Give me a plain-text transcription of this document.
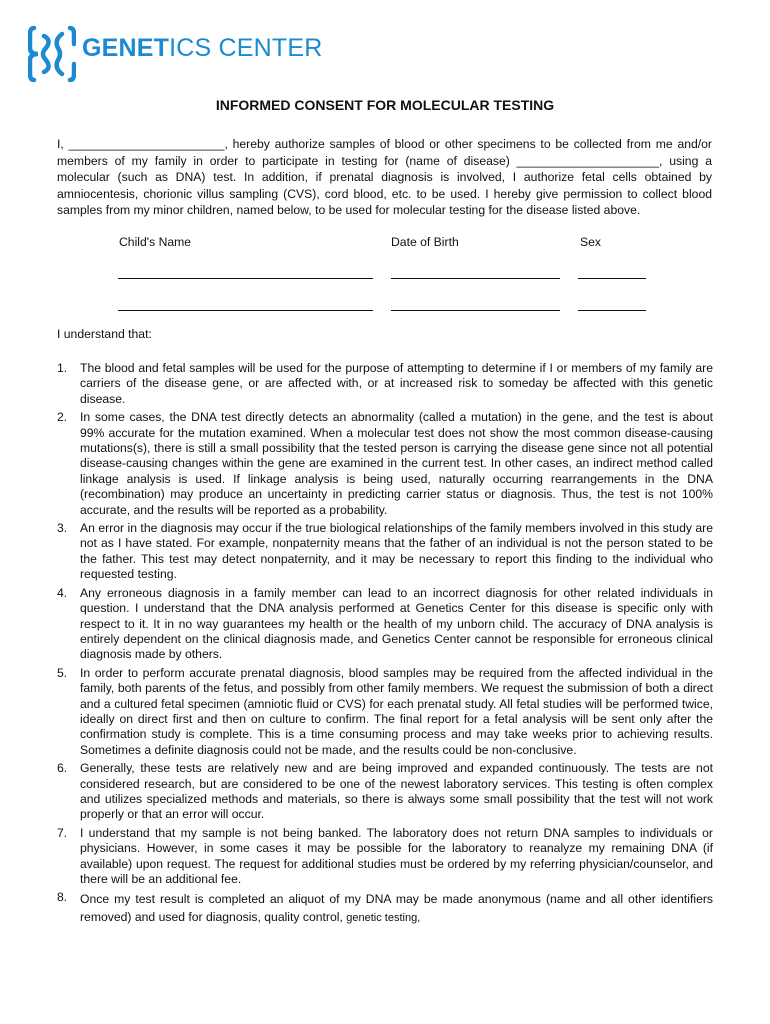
GENETICS CENTER
INFORMED CONSENT FOR MOLECULAR TESTING

I, _______________________, hereby authorize samples of blood or other specimens to be collected from me and/or members of my family in order to participate in testing for (name of disease) _____________________, using a molecular (such as DNA) test. In addition, if prenatal diagnosis is involved, I authorize fetal cells obtained by amniocentesis, chorionic villus sampling (CVS), cord blood, etc. to be used. I hereby give permission to collect blood samples from my minor children, named below, to be used for molecular testing for the disease listed above.

Child's Name	Date of Birth	Sex
I understand that:
1. The blood and fetal samples will be used for the purpose of attempting to determine if I or members of my family are carriers of the disease gene, or are affected with, or at increased risk to someday be affected with this genetic disease.
2. In some cases, the DNA test directly detects an abnormality (called a mutation) in the gene, and the test is about 99% accurate for the mutation examined. When a molecular test does not show the most common disease-causing mutations(s), there is still a small possibility that the tested person is carrying the disease gene since not all potential disease-causing changes within the gene are examined in the current test. In other cases, an indirect method called linkage analysis is used. If linkage analysis is being used, naturally occurring rearrangements in the DNA (recombination) may produce an uncertainty in predicting carrier status or diagnosis. Thus, the test is not 100% accurate, and the results will be reported as a probability.
3. An error in the diagnosis may occur if the true biological relationships of the family members involved in this study are not as I have stated. For example, nonpaternity means that the father of an individual is not the person stated to be the father. This test may detect nonpaternity, and it may be necessary to report this finding to the individual who requested testing.
4. Any erroneous diagnosis in a family member can lead to an incorrect diagnosis for other related individuals in question. I understand that the DNA analysis performed at Genetics Center for this disease is specific only with respect to it. It in no way guarantees my health or the health of my unborn child. The accuracy of DNA analysis is entirely dependent on the clinical diagnosis made, and Genetics Center cannot be responsible for erroneous clinical diagnosis made by others.
5. In order to perform accurate prenatal diagnosis, blood samples may be required from the affected individual in the family, both parents of the fetus, and possibly from other family members. We request the submission of both a direct and a cultured fetal specimen (amniotic fluid or CVS) for each prenatal study. All fetal studies will be performed twice, ideally on direct first and then on culture to confirm. The final report for a fetal analysis will be sent only after the confirmation study is complete. This is a time consuming process and may take weeks prior to achieving results. Sometimes a definite diagnosis could not be made, and the results could be non-conclusive.
6. Generally, these tests are relatively new and are being improved and expanded continuously. The tests are not considered research, but are considered to be one of the newest laboratory services. This testing is often complex and utilizes specialized methods and materials, so there is always some small possibility that the test will not work properly or that an error will occur.
7. I understand that my sample is not being banked. The laboratory does not return DNA samples to individuals or physicians. However, in some cases it may be possible for the laboratory to reanalyze my remaining DNA (if available) upon request. The request for additional studies must be ordered by my referring physician/counselor, and there will be an additional fee.
8. Once my test result is completed an aliquot of my DNA may be made anonymous (name and all other identifiers removed) and used for diagnosis, quality control, genetic testing,
